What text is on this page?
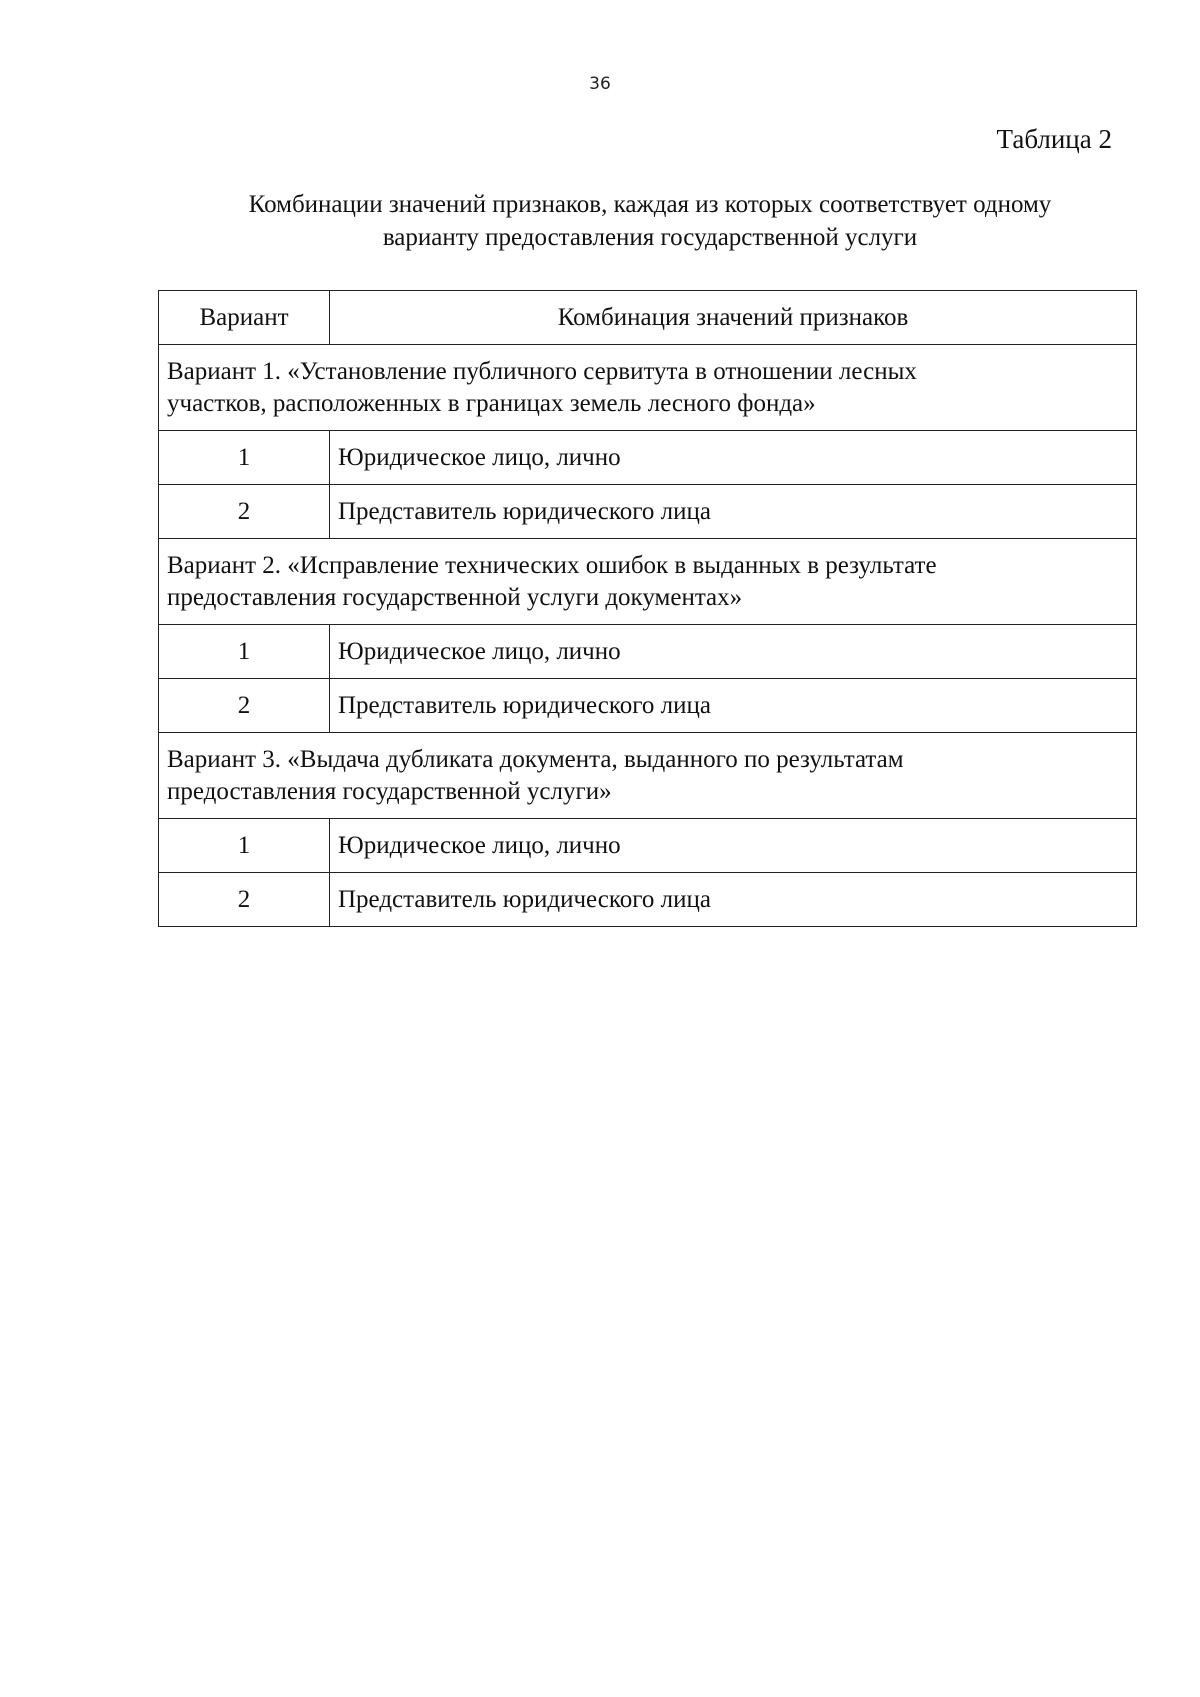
36
Таблица 2
Комбинации значений признаков, каждая из которых соответствует одному
варианту предоставления государственной услуги
Вариант	Комбинация значений признаков

Вариант 1. «Установление публичного сервитута в отношении лесных
участков, расположенных в границах земель лесного фонда»	

1	Юридическое лицо, лично
2	Представитель юридического лица

Вариант 2. «Исправление технических ошибок в выданных в результате
предоставления государственной услуги документах»	

1	Юридическое лицо, лично
2	Представитель юридического лица

Вариант 3. «Выдача дубликата документа, выданного по результатам
предоставления государственной услуги»	

1	Юридическое лицо, лично
2	Представитель юридического лица
